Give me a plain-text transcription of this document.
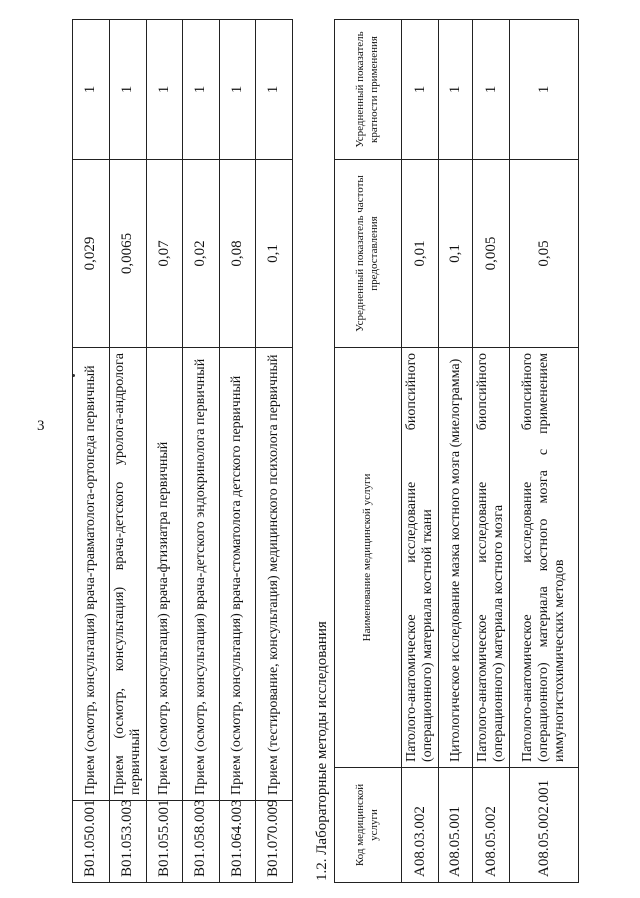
3
B01.050.001	Прием (осмотр, консультация) врача-травматолога-ортопеда первичный	0,029	1
B01.053.003	Прием (осмотр, консультация) врача-детского уролога-андролога первичный	0,0065	1
B01.055.001	Прием (осмотр, консультация) врача-фтизиатра первичный	0,07	1
B01.058.003	Прием (осмотр, консультация) врача-детского эндокринолога первичный	0,02	1
B01.064.003	Прием (осмотр, консультация) врача-стоматолога детского первичный	0,08	1
B01.070.009	Прием (тестирование, консультация) медицинского психолога первичный	0,1	1
1.2. Лабораторные методы исследования Код медицинской услуги	Наименование медицинской услуги	Усредненный показатель частоты предоставления	Усредненный показатель кратности применения
A08.03.002	Патолого-анатомическое исследование биопсийного (операционного) материала костной ткани	0,01	1
A08.05.001	Цитологическое исследование мазка костного мозга (миелограмма)	0,1	1
A08.05.002	Патолого-анатомическое исследование биопсийного (операционного) материала костного мозга	0,005	1
A08.05.002.001	Патолого-анатомическое исследование биопсийного (операционного) материала костного мозга с применением иммуногистохимических методов	0,05	1
